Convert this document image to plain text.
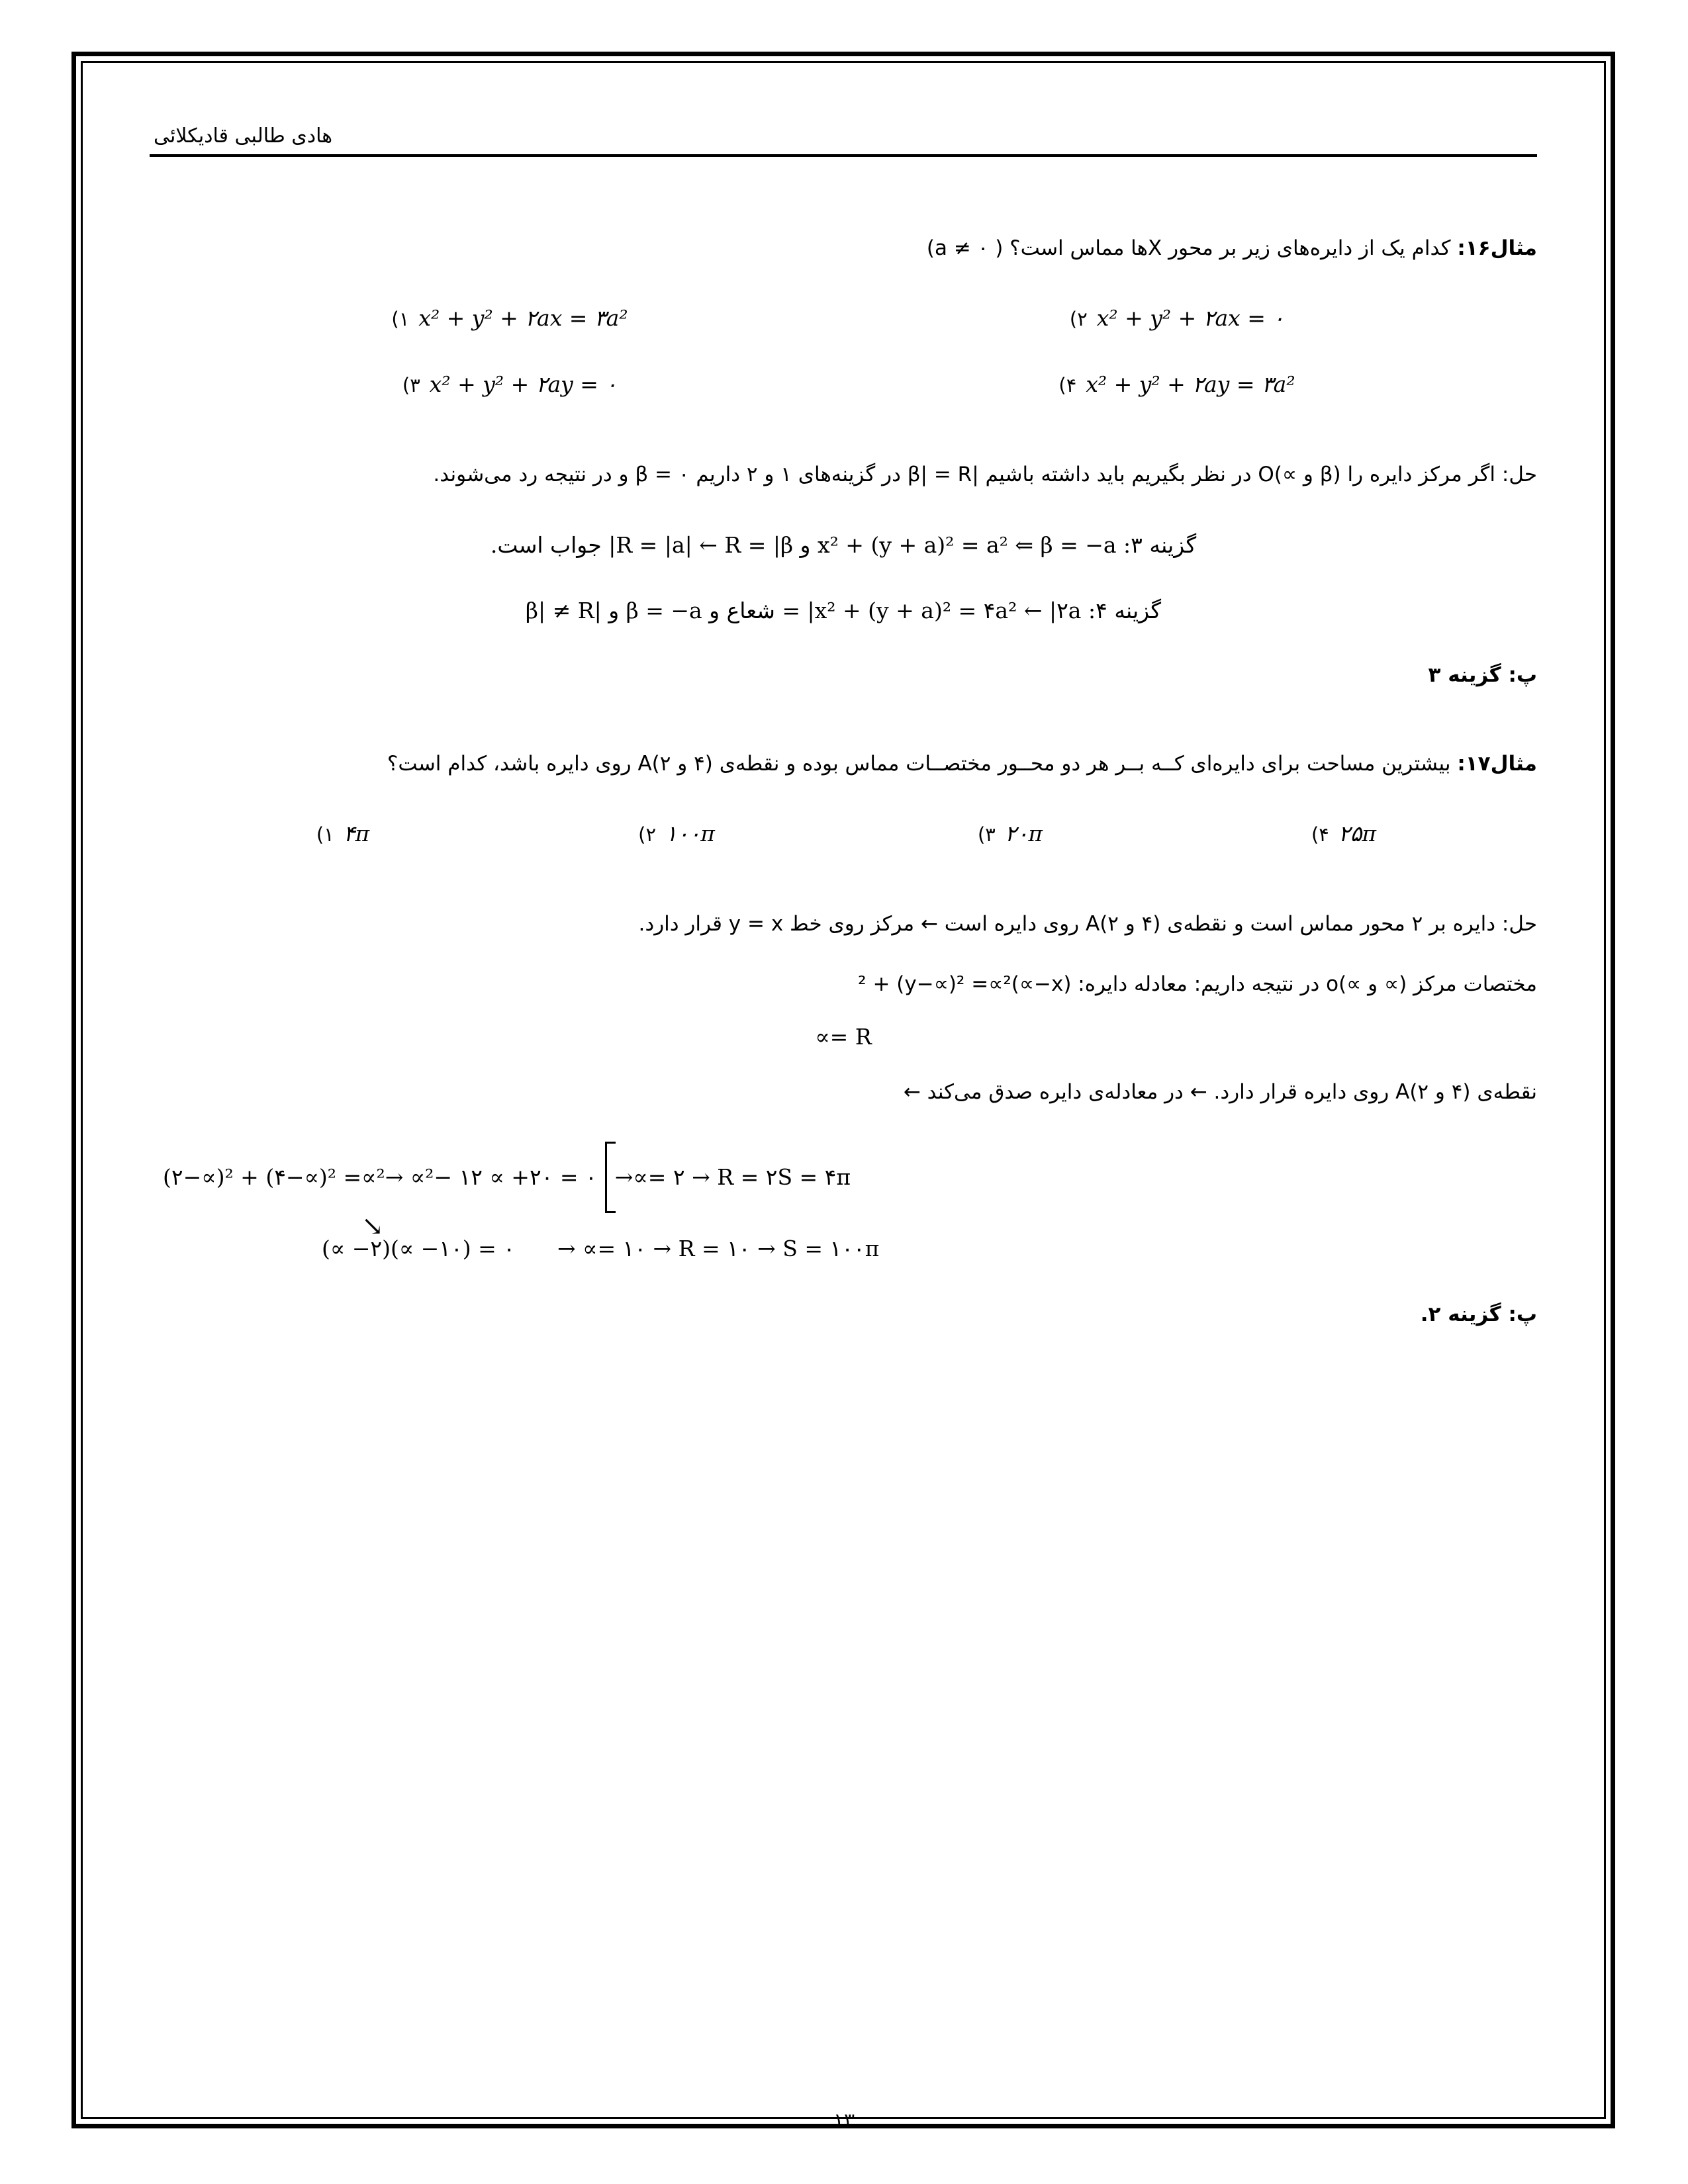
هادی طالبی قادیکلائی

مثال۱۶: کدام یک از دایره‌های زیر بر محور Xها مماس است؟ ( ۰ ≠ a)

x² + y² + ۲ax = ۰۲)
x² + y² + ۲ax = ۳a²۱)
x² + y² + ۲ay = ۳a²۴)
x² + y² + ۲ay = ۰۳)

حل: اگر مرکز دایره را (β و ∝)O در نظر بگیریم باید داشته باشیم |β| = R در گزینه‌های ۱ و ۲ داریم ۰ = β و در نتیجه رد می‌شوند.

گزینه ۳: x² + (y + a)² = a² ⇐ β = −a و R = |a| ← R = |β| جواب است.
گزینه ۴: x² + (y + a)² = ۴a² ← |۲a| = شعاع و β = −a و |β| ≠ R
پ: گزینه ۳

مثال۱۷: بیشترین مساحت برای دایره‌ای کــه بــر هر دو محــور مختصــات مماس بوده و نقطه‌ی (۴ و ۲)A روی دایره باشد، کدام است؟

۲۵π۴)
۲۰π۳)
۱۰۰π۲)
۴π۱)

حل: دایره بر ۲ محور مماس است و نقطه‌ی (۴ و ۲)A روی دایره است ← مرکز روی خط y = x قرار دارد.

مختصات مرکز (∝ و ∝)o در نتیجه داریم: معادله دایره: (x−∝)² + (y−∝)² =∝²

R =∝

نقطه‌ی (۴ و ۲)A روی دایره قرار دارد. ← در معادله‌ی دایره صدق می‌کند ←

(۲−∝)² + (۴−∝)² =∝²→ ∝²− ۱۲ ∝ +۲۰ = ۰ →∝= ۲ → R = ۲S = ۴π
↘
(∝ −۲)(∝ −۱۰) = ۰	→ ∝= ۱۰ → R = ۱۰ → S = ۱۰۰π
پ: گزینه ۲.
۱۳
